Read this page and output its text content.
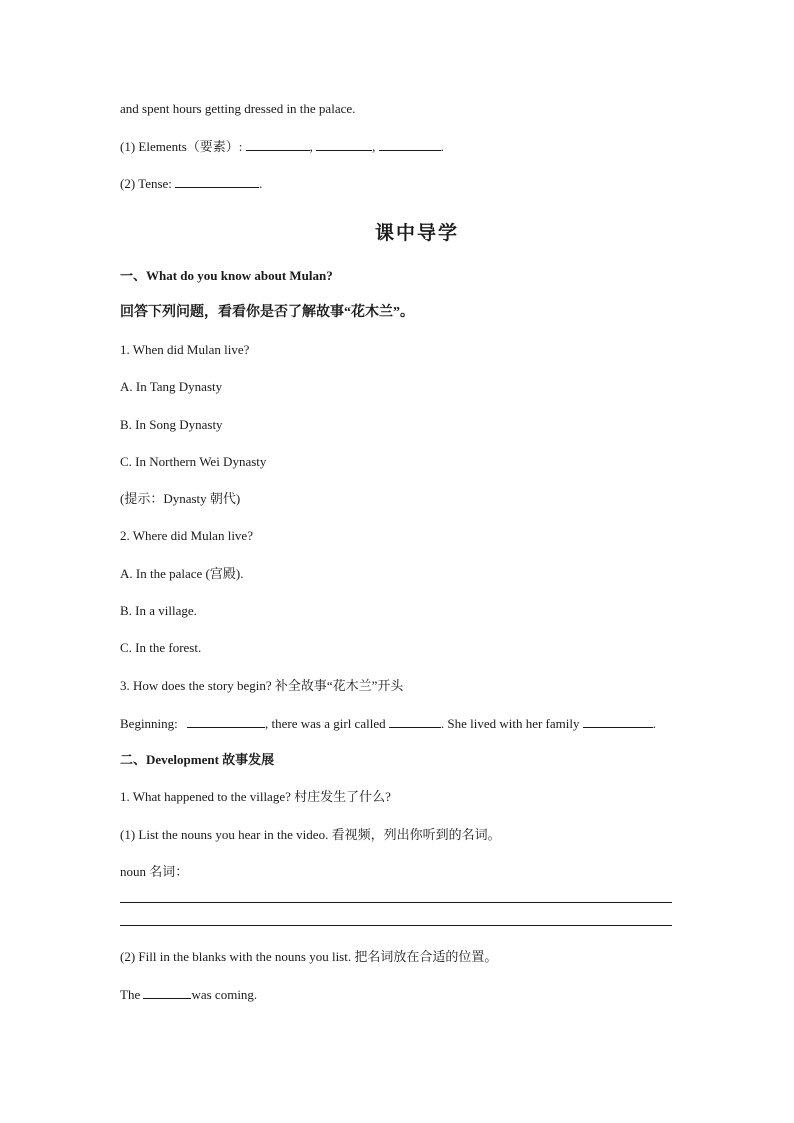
and spent hours getting dressed in the palace.
(1) Elements（要素）:	,	,	.
(2) Tense:	.
课中导学
一、What do you know about Mulan?
回答下列问题，看看你是否了解故事“花木兰”。
1. When did Mulan live?
A. In Tang Dynasty
B. In Song Dynasty
C. In Northern Wei Dynasty
(提示：Dynasty 朝代)
2. Where did Mulan live?
A. In the palace (宫殿).
B. In a village.
C. In the forest.
3. How does the story begin? 补全故事“花木兰”开头
Beginning:	, there was a girl called	. She lived with her family	.
二、Development 故事发展
1. What happened to the village? 村庄发生了什么?
(1) List the nouns you hear in the video. 看视频，列出你听到的名词。
noun 名词：
(2) Fill in the blanks with the nouns you list. 把名词放在合适的位置。
The	was coming.
